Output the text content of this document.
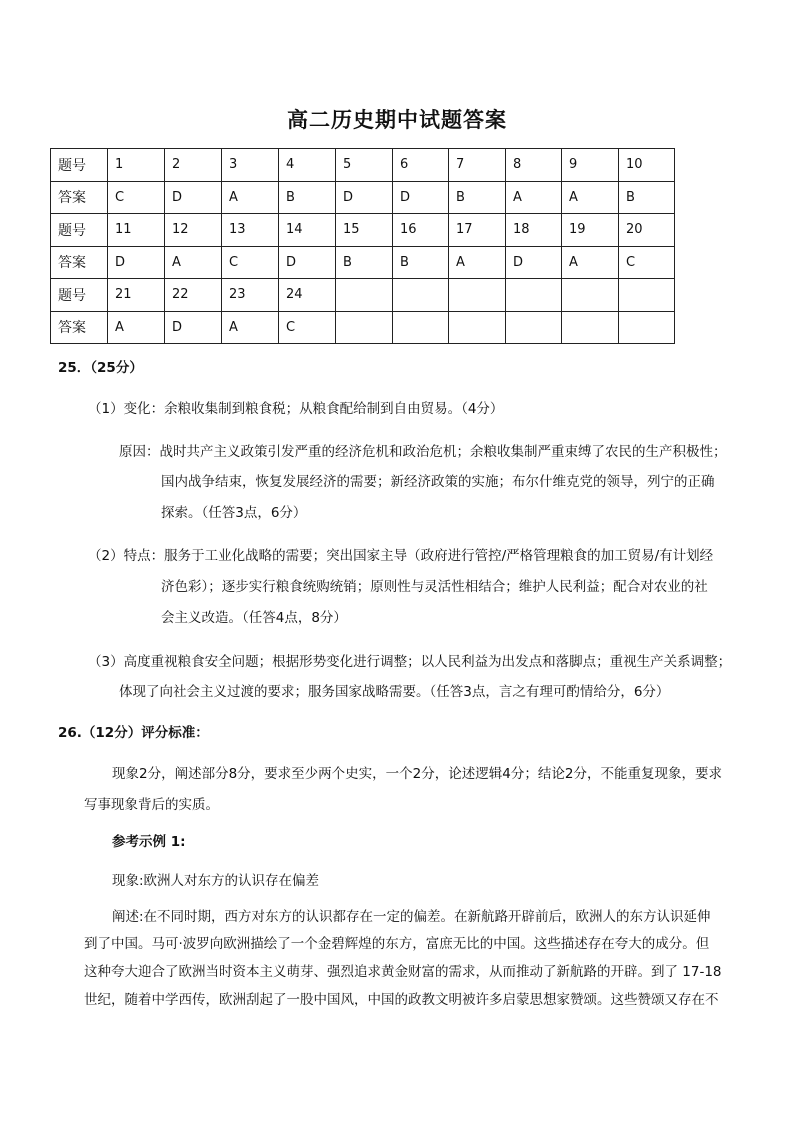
高二历史期中试题答案
题号	1	2	3	4	5	6	7	8	9	10
答案	C	D	A	B	D	D	B	A	A	B
题号	11	12	13	14	15	16	17	18	19	20
答案	D	A	C	D	B	B	A	D	A	C
题号	21	22	23	24						
答案	A	D	A	C						
25．（25分）
（1）变化：余粮收集制到粮食税；从粮食配给制到自由贸易。（4分）
原因：战时共产主义政策引发严重的经济危机和政治危机；余粮收集制严重束缚了农民的生产积极性；
国内战争结束，恢复发展经济的需要；新经济政策的实施；布尔什维克党的领导，列宁的正确
探索。（任答3点，6分）
（2）特点：服务于工业化战略的需要；突出国家主导（政府进行管控/严格管理粮食的加工贸易/有计划经
济色彩）；逐步实行粮食统购统销；原则性与灵活性相结合；维护人民利益；配合对农业的社
会主义改造。（任答4点，8分）
（3）高度重视粮食安全问题；根据形势变化进行调整；以人民利益为出发点和落脚点；重视生产关系调整；
体现了向社会主义过渡的要求；服务国家战略需要。（任答3点，言之有理可酌情给分，6分）
26.（12分）评分标准：
现象2分，阐述部分8分，要求至少两个史实，一个2分，论述逻辑4分；结论2分，不能重复现象，要求
写事现象背后的实质。
参考示例 1:
现象:欧洲人对东方的认识存在偏差
阐述:在不同时期，西方对东方的认识都存在一定的偏差。在新航路开辟前后，欧洲人的东方认识延伸
到了中国。马可·波罗向欧洲描绘了一个金碧辉煌的东方，富庶无比的中国。这些描述存在夸大的成分。但
这种夸大迎合了欧洲当时资本主义萌芽、强烈追求黄金财富的需求，从而推动了新航路的开辟。到了 17-18
世纪，随着中学西传，欧洲刮起了一股中国风，中国的政教文明被许多启蒙思想家赞颂。这些赞颂又存在不
